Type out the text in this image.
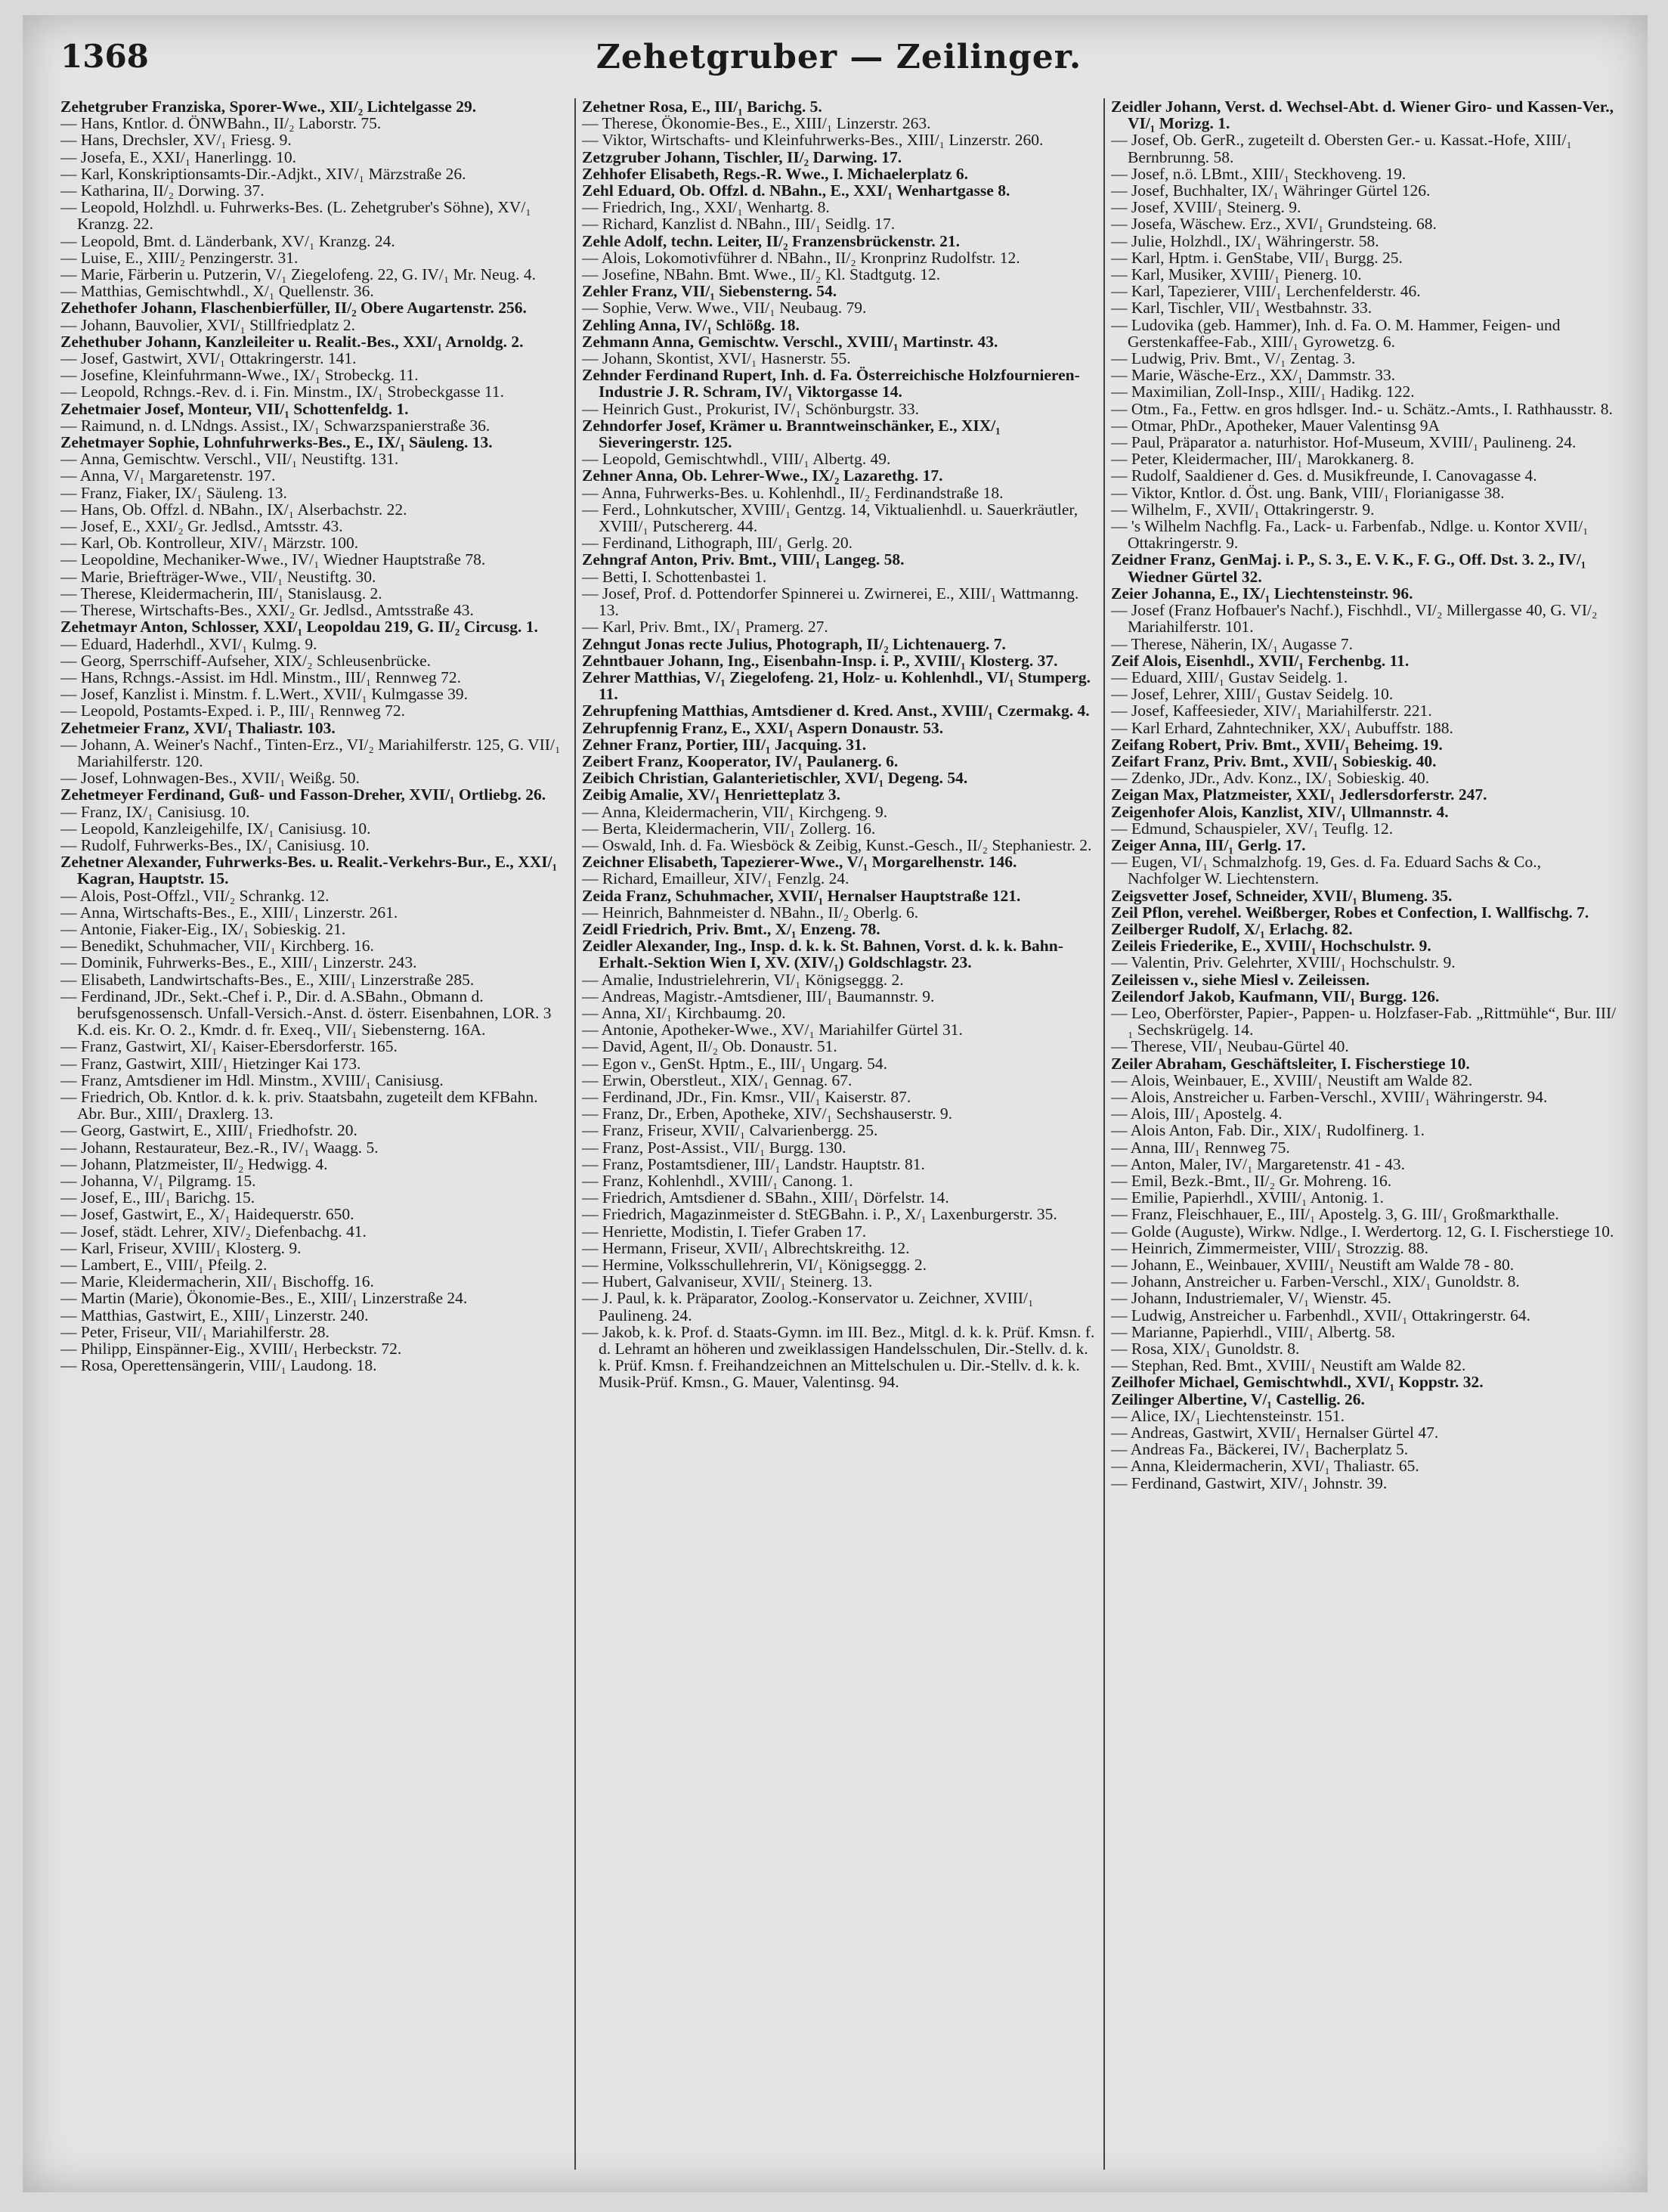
1368	Zehetgruber — Zeilinger.
Zehetgruber Franziska, Sporer-Wwe., XII/₂ Lichtelgasse 29.
— Hans, Kntlor. d. ÖNWBahn., II/₂ Laborstr. 75.
— Hans, Drechsler, XV/₁ Friesg. 9.
— Josefa, E., XXI/₁ Hanerlingg. 10.
— Karl, Konskriptionsamts-Dir.-Adjkt., XIV/₁ Märzstraße 26.
— Katharina, II/₂ Dorwing. 37.
— Leopold, Holzhdl. u. Fuhrwerks-Bes. (L. Zehetgruber's Söhne), XV/₁ Kranzg. 22.
— Leopold, Bmt. d. Länderbank, XV/₁ Kranzg. 24.
— Luise, E., XIII/₂ Penzingerstr. 31.
— Marie, Färberin u. Putzerin, V/₁ Ziegelofeng. 22, G. IV/₁ Mr. Neug. 4.
— Matthias, Gemischtwhdl., X/₁ Quellenstr. 36.
Zehethofer Johann, Flaschenbierfüller, II/₂ Obere Augartenstr. 256.
— Johann, Bauvolier, XVI/₁ Stillfriedplatz 2.
Zehethuber Johann, Kanzleileiter u. Realit.-Bes., XXI/₁ Arnoldg. 2.
— Josef, Gastwirt, XVI/₁ Ottakringerstr. 141.
— Josefine, Kleinfuhrmann-Wwe., IX/₁ Strobeckg. 11.
— Leopold, Rchngs.-Rev. d. i. Fin. Minstm., IX/₁ Strobeckgasse 11.
Zehetmaier Josef, Monteur, VII/₁ Schottenfeldg. 1.
— Raimund, n. d. LNdngs. Assist., IX/₁ Schwarzspanierstraße 36.
Zehetmayer Sophie, Lohnfuhrwerks-Bes., E., IX/₁ Säuleng. 13.
— Anna, Gemischtw. Verschl., VII/₁ Neustiftg. 131.
— Anna, V/₁ Margaretenstr. 197.
— Franz, Fiaker, IX/₁ Säuleng. 13.
— Hans, Ob. Offzl. d. NBahn., IX/₁ Alserbachstr. 22.
— Josef, E., XXI/₂ Gr. Jedlsd., Amtsstr. 43.
— Karl, Ob. Kontrolleur, XIV/₁ Märzstr. 100.
— Leopoldine, Mechaniker-Wwe., IV/₁ Wiedner Hauptstraße 78.
— Marie, Briefträger-Wwe., VII/₁ Neustiftg. 30.
— Therese, Kleidermacherin, III/₁ Stanislausg. 2.
— Therese, Wirtschafts-Bes., XXI/₂ Gr. Jedlsd., Amtsstraße 43.
Zehetmayr Anton, Schlosser, XXI/₁ Leopoldau 219, G. II/₂ Circusg. 1.
— Eduard, Haderhdl., XVI/₁ Kulmg. 9.
— Georg, Sperrschiff-Aufseher, XIX/₂ Schleusenbrücke.
— Hans, Rchngs.-Assist. im Hdl. Minstm., III/₁ Rennweg 72.
— Josef, Kanzlist i. Minstm. f. L.Wert., XVII/₁ Kulmgasse 39.
— Leopold, Postamts-Exped. i. P., III/₁ Rennweg 72.
Zehetmeier Franz, XVI/₁ Thaliastr. 103.
— Johann, A. Weiner's Nachf., Tinten-Erz., VI/₂ Mariahilferstr. 125, G. VII/₁ Mariahilferstr. 120.
— Josef, Lohnwagen-Bes., XVII/₁ Weißg. 50.
Zehetmeyer Ferdinand, Guß- und Fasson-Dreher, XVII/₁ Ortliebg. 26.
— Franz, IX/₁ Canisiusg. 10.
— Leopold, Kanzleigehilfe, IX/₁ Canisiusg. 10.
— Rudolf, Fuhrwerks-Bes., IX/₁ Canisiusg. 10.
Zehetner Alexander, Fuhrwerks-Bes. u. Realit.-Verkehrs-Bur., E., XXI/₁ Kagran, Hauptstr. 15.
— Alois, Post-Offzl., VII/₂ Schrankg. 12.
— Anna, Wirtschafts-Bes., E., XIII/₁ Linzerstr. 261.
— Antonie, Fiaker-Eig., IX/₁ Sobieskig. 21.
— Benedikt, Schuhmacher, VII/₁ Kirchberg. 16.
— Dominik, Fuhrwerks-Bes., E., XIII/₁ Linzerstr. 243.
— Elisabeth, Landwirtschafts-Bes., E., XIII/₁ Linzerstraße 285.
— Ferdinand, JDr., Sekt.-Chef i. P., Dir. d. A.SBahn., Obmann d. berufsgenossensch. Unfall-Versich.-Anst. d. österr. Eisenbahnen, LOR. 3 K.d. eis. Kr. O. 2., Kmdr. d. fr. Exeq., VII/₁ Siebensterng. 16A.
— Franz, Gastwirt, XI/₁ Kaiser-Ebersdorferstr. 165.
— Franz, Gastwirt, XIII/₁ Hietzinger Kai 173.
— Franz, Amtsdiener im Hdl. Minstm., XVIII/₁ Canisiusg.
— Friedrich, Ob. Kntlor. d. k. k. priv. Staatsbahn, zugeteilt dem KFBahn. Abr. Bur., XIII/₁ Draxlerg. 13.
— Georg, Gastwirt, E., XIII/₁ Friedhofstr. 20.
— Johann, Restaurateur, Bez.-R., IV/₁ Waagg. 5.
— Johann, Platzmeister, II/₂ Hedwigg. 4.
— Johanna, V/₁ Pilgramg. 15.
— Josef, E., III/₁ Barichg. 15.
— Josef, Gastwirt, E., X/₁ Haidequerstr. 650.
— Josef, städt. Lehrer, XIV/₂ Diefenbachg. 41.
— Karl, Friseur, XVIII/₁ Klosterg. 9.
— Lambert, E., VIII/₁ Pfeilg. 2.
— Marie, Kleidermacherin, XII/₁ Bischoffg. 16.
— Martin (Marie), Ökonomie-Bes., E., XIII/₁ Linzerstraße 24.
— Matthias, Gastwirt, E., XIII/₁ Linzerstr. 240.
— Peter, Friseur, VII/₁ Mariahilferstr. 28.
— Philipp, Einspänner-Eig., XVIII/₁ Herbeckstr. 72.
— Rosa, Operettensängerin, VIII/₁ Laudong. 18.
Zehetner Rosa, E., III/₁ Barichg. 5.
— Therese, Ökonomie-Bes., E., XIII/₁ Linzerstr. 263.
— Viktor, Wirtschafts- und Kleinfuhrwerks-Bes., XIII/₁ Linzerstr. 260.
Zetzgruber Johann, Tischler, II/₂ Darwing. 17.
Zehhofer Elisabeth, Regs.-R. Wwe., I. Michaelerplatz 6.
Zehl Eduard, Ob. Offzl. d. NBahn., E., XXI/₁ Wenhartgasse 8.
— Friedrich, Ing., XXI/₁ Wenhartg. 8.
— Richard, Kanzlist d. NBahn., III/₁ Seidlg. 17.
Zehle Adolf, techn. Leiter, II/₂ Franzensbrückenstr. 21.
— Alois, Lokomotivführer d. NBahn., II/₂ Kronprinz Rudolfstr. 12.
— Josefine, NBahn. Bmt. Wwe., II/₂ Kl. Stadtgutg. 12.
Zehler Franz, VII/₁ Siebensterng. 54.
— Sophie, Verw. Wwe., VII/₁ Neubaug. 79.
Zehling Anna, IV/₁ Schlößg. 18.
Zehmann Anna, Gemischtw. Verschl., XVIII/₁ Martinstr. 43.
— Johann, Skontist, XVI/₁ Hasnerstr. 55.
Zehnder Ferdinand Rupert, Inh. d. Fa. Österreichische Holzfournieren-Industrie J. R. Schram, IV/₁ Viktorgasse 14.
— Heinrich Gust., Prokurist, IV/₁ Schönburgstr. 33.
Zehndorfer Josef, Krämer u. Branntweinschänker, E., XIX/₁ Sieveringerstr. 125.
— Leopold, Gemischtwhdl., VIII/₁ Albertg. 49.
Zehner Anna, Ob. Lehrer-Wwe., IX/₂ Lazarethg. 17.
— Anna, Fuhrwerks-Bes. u. Kohlenhdl., II/₂ Ferdinandstraße 18.
— Ferd., Lohnkutscher, XVIII/₁ Gentzg. 14, Viktualienhdl. u. Sauerkräutler, XVIII/₁ Putschererg. 44.
— Ferdinand, Lithograph, III/₁ Gerlg. 20.
Zehngraf Anton, Priv. Bmt., VIII/₁ Langeg. 58.
— Betti, I. Schottenbastei 1.
— Josef, Prof. d. Pottendorfer Spinnerei u. Zwirnerei, E., XIII/₁ Wattmanng. 13.
— Karl, Priv. Bmt., IX/₁ Pramerg. 27.
Zehngut Jonas recte Julius, Photograph, II/₂ Lichtenauerg. 7.
Zehntbauer Johann, Ing., Eisenbahn-Insp. i. P., XVIII/₁ Klosterg. 37.
Zehrer Matthias, V/₁ Ziegelofeng. 21, Holz- u. Kohlenhdl., VI/₁ Stumperg. 11.
Zehrupfening Matthias, Amtsdiener d. Kred. Anst., XVIII/₁ Czermakg. 4.
Zehrupfennig Franz, E., XXI/₁ Aspern Donaustr. 53.
Zehner Franz, Portier, III/₁ Jacquing. 31.
Zeibert Franz, Kooperator, IV/₁ Paulanerg. 6.
Zeibich Christian, Galanterietischler, XVI/₁ Degeng. 54.
Zeibig Amalie, XV/₁ Henrietteplatz 3.
— Anna, Kleidermacherin, VII/₁ Kirchgeng. 9.
— Berta, Kleidermacherin, VII/₁ Zollerg. 16.
— Oswald, Inh. d. Fa. Wiesböck & Zeibig, Kunst.-Gesch., II/₂ Stephaniestr. 2.
Zeichner Elisabeth, Tapezierer-Wwe., V/₁ Morgarelhenstr. 146.
— Richard, Emailleur, XIV/₁ Fenzlg. 24.
Zeida Franz, Schuhmacher, XVII/₁ Hernalser Hauptstraße 121.
— Heinrich, Bahnmeister d. NBahn., II/₂ Oberlg. 6.
Zeidl Friedrich, Priv. Bmt., X/₁ Enzeng. 78.
Zeidler Alexander, Ing., Insp. d. k. k. St. Bahnen, Vorst. d. k. k. Bahn-Erhalt.-Sektion Wien I, XV. (XIV/₁) Goldschlagstr. 23.
— Amalie, Industrielehrerin, VI/₁ Königseggg. 2.
— Andreas, Magistr.-Amtsdiener, III/₁ Baumannstr. 9.
— Anna, XI/₁ Kirchbaumg. 20.
— Antonie, Apotheker-Wwe., XV/₁ Mariahilfer Gürtel 31.
— David, Agent, II/₂ Ob. Donaustr. 51.
— Egon v., GenSt. Hptm., E., III/₁ Ungarg. 54.
— Erwin, Oberstleut., XIX/₁ Gennag. 67.
— Ferdinand, JDr., Fin. Kmsr., VII/₁ Kaiserstr. 87.
— Franz, Dr., Erben, Apotheke, XIV/₁ Sechshauserstr. 9.
— Franz, Friseur, XVII/₁ Calvarienbergg. 25.
— Franz, Post-Assist., VII/₁ Burgg. 130.
— Franz, Postamtsdiener, III/₁ Landstr. Hauptstr. 81.
— Franz, Kohlenhdl., XVIII/₁ Canong. 1.
— Friedrich, Amtsdiener d. SBahn., XIII/₁ Dörfelstr. 14.
— Friedrich, Magazinmeister d. StEGBahn. i. P., X/₁ Laxenburgerstr. 35.
— Henriette, Modistin, I. Tiefer Graben 17.
— Hermann, Friseur, XVII/₁ Albrechtskreithg. 12.
— Hermine, Volksschullehrerin, VI/₁ Königseggg. 2.
— Hubert, Galvaniseur, XVII/₁ Steinerg. 13.
— J. Paul, k. k. Präparator, Zoolog.-Konservator u. Zeichner, XVIII/₁ Paulineng. 24.
— Jakob, k. k. Prof. d. Staats-Gymn. im III. Bez., Mitgl. d. k. k. Prüf. Kmsn. f. d. Lehramt an höheren und zweiklassigen Handelsschulen, Dir.-Stellv. d. k. k. Prüf. Kmsn. f. Freihandzeichnen an Mittelschulen u. Dir.-Stellv. d. k. k. Musik-Prüf. Kmsn., G. Mauer, Valentinsg. 94.
Zeidler Johann, Verst. d. Wechsel-Abt. d. Wiener Giro- und Kassen-Ver., VI/₁ Morizg. 1.
— Josef, Ob. GerR., zugeteilt d. Obersten Ger.- u. Kassat.-Hofe, XIII/₁ Bernbrunng. 58.
— Josef, n.ö. LBmt., XIII/₁ Steckhoveng. 19.
— Josef, Buchhalter, IX/₁ Währinger Gürtel 126.
— Josef, XVIII/₁ Steinerg. 9.
— Josefa, Wäschew. Erz., XVI/₁ Grundsteing. 68.
— Julie, Holzhdl., IX/₁ Währingerstr. 58.
— Karl, Hptm. i. GenStabe, VII/₁ Burgg. 25.
— Karl, Musiker, XVIII/₁ Pienerg. 10.
— Karl, Tapezierer, VIII/₁ Lerchenfelderstr. 46.
— Karl, Tischler, VII/₁ Westbahnstr. 33.
— Ludovika (geb. Hammer), Inh. d. Fa. O. M. Hammer, Feigen- und Gerstenkaffee-Fab., XIII/₁ Gyrowetzg. 6.
— Ludwig, Priv. Bmt., V/₁ Zentag. 3.
— Marie, Wäsche-Erz., XX/₁ Dammstr. 33.
— Maximilian, Zoll-Insp., XIII/₁ Hadikg. 122.
— Otm., Fa., Fettw. en gros hdlsger. Ind.- u. Schätz.-Amts., I. Rathhausstr. 8.
— Otmar, PhDr., Apotheker, Mauer Valentinsg 9A
— Paul, Präparator a. naturhistor. Hof-Museum, XVIII/₁ Paulineng. 24.
— Peter, Kleidermacher, III/₁ Marokkanerg. 8.
— Rudolf, Saaldiener d. Ges. d. Musikfreunde, I. Canovagasse 4.
— Viktor, Kntlor. d. Öst. ung. Bank, VIII/₁ Florianigasse 38.
— Wilhelm, F., XVII/₁ Ottakringerstr. 9.
— 's Wilhelm Nachflg. Fa., Lack- u. Farbenfab., Ndlge. u. Kontor XVII/₁ Ottakringerstr. 9.
Zeidner Franz, GenMaj. i. P., S. 3., E. V. K., F. G., Off. Dst. 3. 2., IV/₁ Wiedner Gürtel 32.
Zeier Johanna, E., IX/₁ Liechtensteinstr. 96.
— Josef (Franz Hofbauer's Nachf.), Fischhdl., VI/₂ Millergasse 40, G. VI/₂ Mariahilferstr. 101.
— Therese, Näherin, IX/₁ Augasse 7.
Zeif Alois, Eisenhdl., XVII/₁ Ferchenbg. 11.
— Eduard, XIII/₁ Gustav Seidelg. 1.
— Josef, Lehrer, XIII/₁ Gustav Seidelg. 10.
— Josef, Kaffeesieder, XIV/₁ Mariahilferstr. 221.
— Karl Erhard, Zahntechniker, XX/₁ Aubuffstr. 188.
Zeifang Robert, Priv. Bmt., XVII/₁ Beheimg. 19.
Zeifart Franz, Priv. Bmt., XVII/₁ Sobieskig. 40.
— Zdenko, JDr., Adv. Konz., IX/₁ Sobieskig. 40.
Zeigan Max, Platzmeister, XXI/₁ Jedlersdorferstr. 247.
Zeigenhofer Alois, Kanzlist, XIV/₁ Ullmannstr. 4.
— Edmund, Schauspieler, XV/₁ Teuflg. 12.
Zeiger Anna, III/₁ Gerlg. 17.
— Eugen, VI/₁ Schmalzhofg. 19, Ges. d. Fa. Eduard Sachs & Co., Nachfolger W. Liechtenstern.
Zeigsvetter Josef, Schneider, XVII/₁ Blumeng. 35.
Zeil Pflon, verehel. Weißberger, Robes et Confection, I. Wallfischg. 7.
Zeilberger Rudolf, X/₁ Erlachg. 82.
Zeileis Friederike, E., XVIII/₁ Hochschulstr. 9.
— Valentin, Priv. Gelehrter, XVIII/₁ Hochschulstr. 9.
Zeileissen v., siehe Miesl v. Zeileissen.
Zeilendorf Jakob, Kaufmann, VII/₁ Burgg. 126.
— Leo, Oberförster, Papier-, Pappen- u. Holzfaser-Fab. „Rittmühle“, Bur. III/₁ Sechskrügelg. 14.
— Therese, VII/₁ Neubau-Gürtel 40.
Zeiler Abraham, Geschäftsleiter, I. Fischerstiege 10.
— Alois, Weinbauer, E., XVIII/₁ Neustift am Walde 82.
— Alois, Anstreicher u. Farben-Verschl., XVIII/₁ Währingerstr. 94.
— Alois, III/₁ Apostelg. 4.
— Alois Anton, Fab. Dir., XIX/₁ Rudolfinerg. 1.
— Anna, III/₁ Rennweg 75.
— Anton, Maler, IV/₁ Margaretenstr. 41 - 43.
— Emil, Bezk.-Bmt., II/₂ Gr. Mohreng. 16.
— Emilie, Papierhdl., XVIII/₁ Antonig. 1.
— Franz, Fleischhauer, E., III/₁ Apostelg. 3, G. III/₁ Großmarkthalle.
— Golde (Auguste), Wirkw. Ndlge., I. Werdertorg. 12, G. I. Fischerstiege 10.
— Heinrich, Zimmermeister, VIII/₁ Strozzig. 88.
— Johann, E., Weinbauer, XVIII/₁ Neustift am Walde 78 - 80.
— Johann, Anstreicher u. Farben-Verschl., XIX/₁ Gunoldstr. 8.
— Johann, Industriemaler, V/₁ Wienstr. 45.
— Ludwig, Anstreicher u. Farbenhdl., XVII/₁ Ottakringerstr. 64.
— Marianne, Papierhdl., VIII/₁ Albertg. 58.
— Rosa, XIX/₁ Gunoldstr. 8.
— Stephan, Red. Bmt., XVIII/₁ Neustift am Walde 82.
Zeilhofer Michael, Gemischtwhdl., XVI/₁ Koppstr. 32.
Zeilinger Albertine, V/₁ Castellig. 26.
— Alice, IX/₁ Liechtensteinstr. 151.
— Andreas, Gastwirt, XVII/₁ Hernalser Gürtel 47.
— Andreas Fa., Bäckerei, IV/₁ Bacherplatz 5.
— Anna, Kleidermacherin, XVI/₁ Thaliastr. 65.
— Ferdinand, Gastwirt, XIV/₁ Johnstr. 39.
